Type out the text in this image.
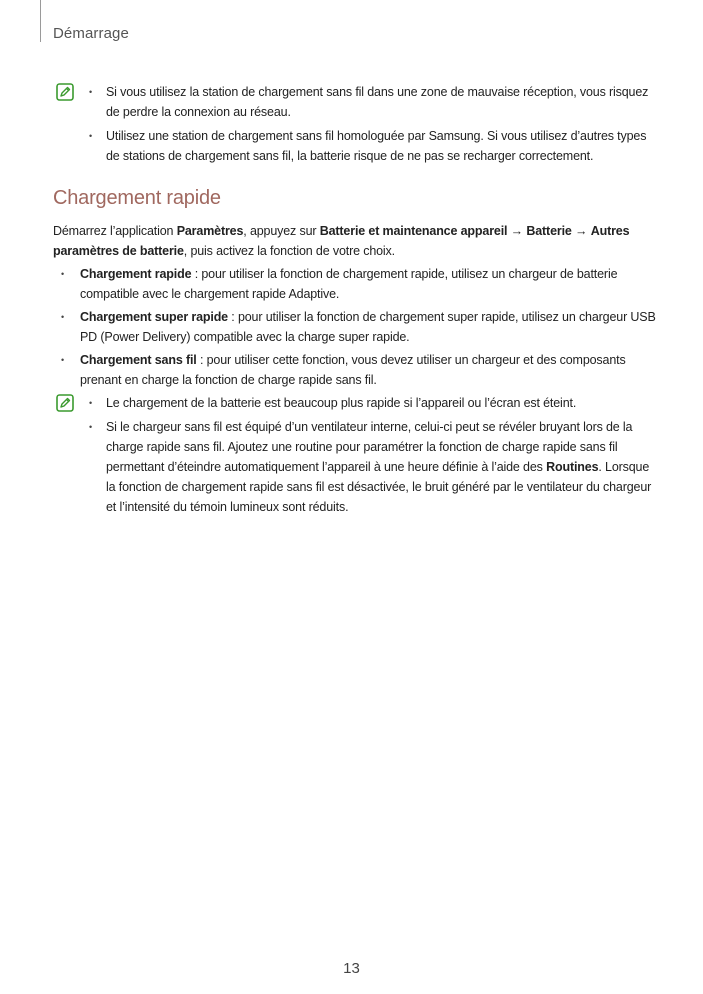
Démarrage
• Si vous utilisez la station de chargement sans fil dans une zone de mauvaise réception, vous risquez de perdre la connexion au réseau.
• Utilisez une station de chargement sans fil homologuée par Samsung. Si vous utilisez d’autres types de stations de chargement sans fil, la batterie risque de ne pas se recharger correctement.
Chargement rapide

Démarrez l’application Paramètres, appuyez sur Batterie et maintenance appareil → Batterie → Autres paramètres de batterie, puis activez la fonction de votre choix.

• Chargement rapide : pour utiliser la fonction de chargement rapide, utilisez un chargeur de batterie compatible avec le chargement rapide Adaptive.
• Chargement super rapide : pour utiliser la fonction de chargement super rapide, utilisez un chargeur USB PD (Power Delivery) compatible avec la charge super rapide.
• Chargement sans fil : pour utiliser cette fonction, vous devez utiliser un chargeur et des composants prenant en charge la fonction de charge rapide sans fil.
• Le chargement de la batterie est beaucoup plus rapide si l’appareil ou l’écran est éteint.
• Si le chargeur sans fil est équipé d’un ventilateur interne, celui-ci peut se révéler bruyant lors de la charge rapide sans fil. Ajoutez une routine pour paramétrer la fonction de charge rapide sans fil permettant d’éteindre automatiquement l’appareil à une heure définie à l’aide des Routines. Lorsque la fonction de chargement rapide sans fil est désactivée, le bruit généré par le ventilateur du chargeur et l’intensité du témoin lumineux sont réduits.
13
